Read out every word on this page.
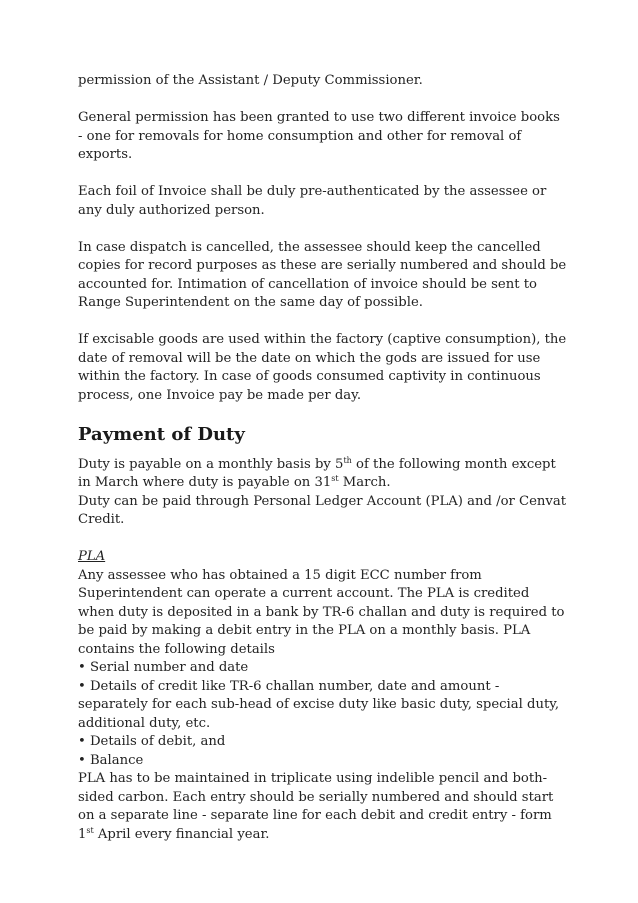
permission of the Assistant / Deputy Commissioner.

General permission has been granted to use two different invoice books - one for removals for home consumption and other for removal of exports.

Each foil of Invoice shall be duly pre-authenticated by the assessee or any duly authorized person.

In case dispatch is cancelled, the assessee should keep the cancelled copies for record purposes as these are serially numbered and should be accounted for. Intimation of cancellation of invoice should be sent to Range Superintendent on the same day of possible.

If excisable goods are used within the factory (captive consumption), the date of removal will be the date on which the gods are issued for use within the factory. In case of goods consumed captivity in continuous process, one Invoice pay be made per day.

Payment of Duty

Duty is payable on a monthly basis by 5th of the following month except in March where duty is payable on 31st March.

Duty can be paid through Personal Ledger Account (PLA) and /or Cenvat Credit.

PLA

Any assessee who has obtained a 15 digit ECC number from Superintendent can operate a current account. The PLA is credited when duty is deposited in a bank by TR-6 challan and duty is required to be paid by making a debit entry in the PLA on a monthly basis. PLA contains the following details

• Serial number and date

• Details of credit like TR-6 challan number, date and amount - separately for each sub-head of excise duty like basic duty, special duty, additional duty, etc.

• Details of debit, and

• Balance

PLA has to be maintained in triplicate using indelible pencil and both-sided carbon. Each entry should be serially numbered and should start on a separate line - separate line for each debit and credit entry - form 1st April every financial year.
